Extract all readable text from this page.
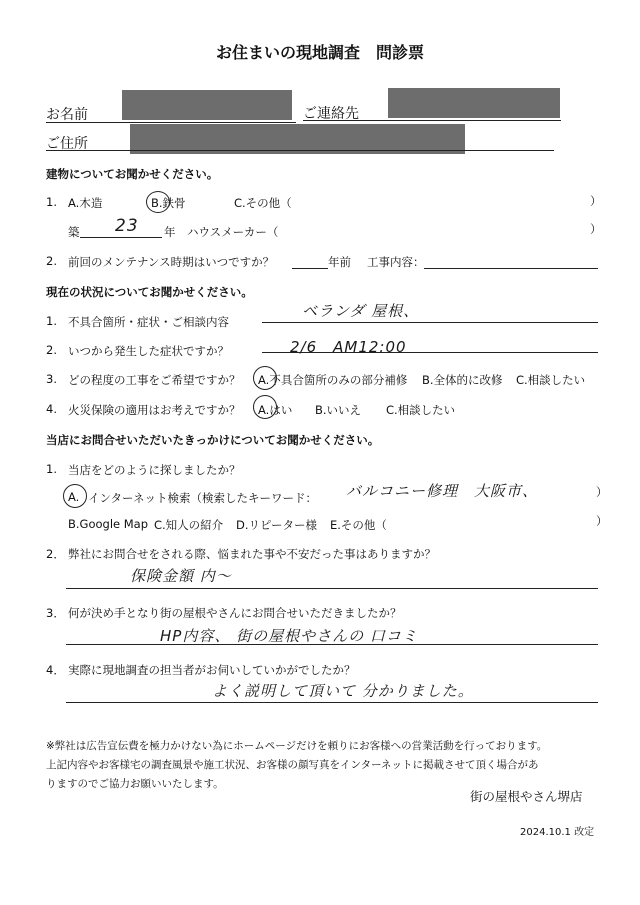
お住まいの現地調査　問診票
お名前	ご連絡先
ご住所
建物についてお聞かせください。
1. A.木造	B.鉄骨	C.その他（	）
築 23 年 ハウスメーカー（	）
2. 前回のメンテナンス時期はいつですか？	年前 工事内容：
現在の状況についてお聞かせください。
1. 不具合箇所・症状・ご相談内容
ベランダ 屋根、
2. いつから発生した症状ですか？	2/6　AM12:00
3. どの程度の工事をご希望ですか？ A.不具合箇所のみの部分補修 B.全体的に改修 C.相談したい
4. 火災保険の適用はお考えですか？ A.はい B.いいえ C.相談したい
当店にお問合せいただいたきっかけについてお聞かせください。
1. 当店をどのように探しましたか？
A. インターネット検索（検索したキーワード： バルコニー修理　大阪市、	）
B.Google Map C.知人の紹介 D.リピーター様 E.その他（	）
2． 弊社にお問合せをされる際、悩まれた事や不安だった事はありますか？
保険金額 内〜
3． 何が決め手となり街の屋根やさんにお問合せいただきましたか？
HP内容、 街の屋根やさんの 口コミ
4． 実際に現地調査の担当者がお伺いしていかがでしたか？
よく説明して頂いて 分かりました。
※弊社は広告宣伝費を極力かけない為にホームページだけを頼りにお客様への営業活動を行っております。
上記内容やお客様宅の調査風景や施工状況、お客様の顔写真をインターネットに掲載させて頂く場合があ
りますのでご協力お願いいたします。
街の屋根やさん堺店
2024.10.1 改定
